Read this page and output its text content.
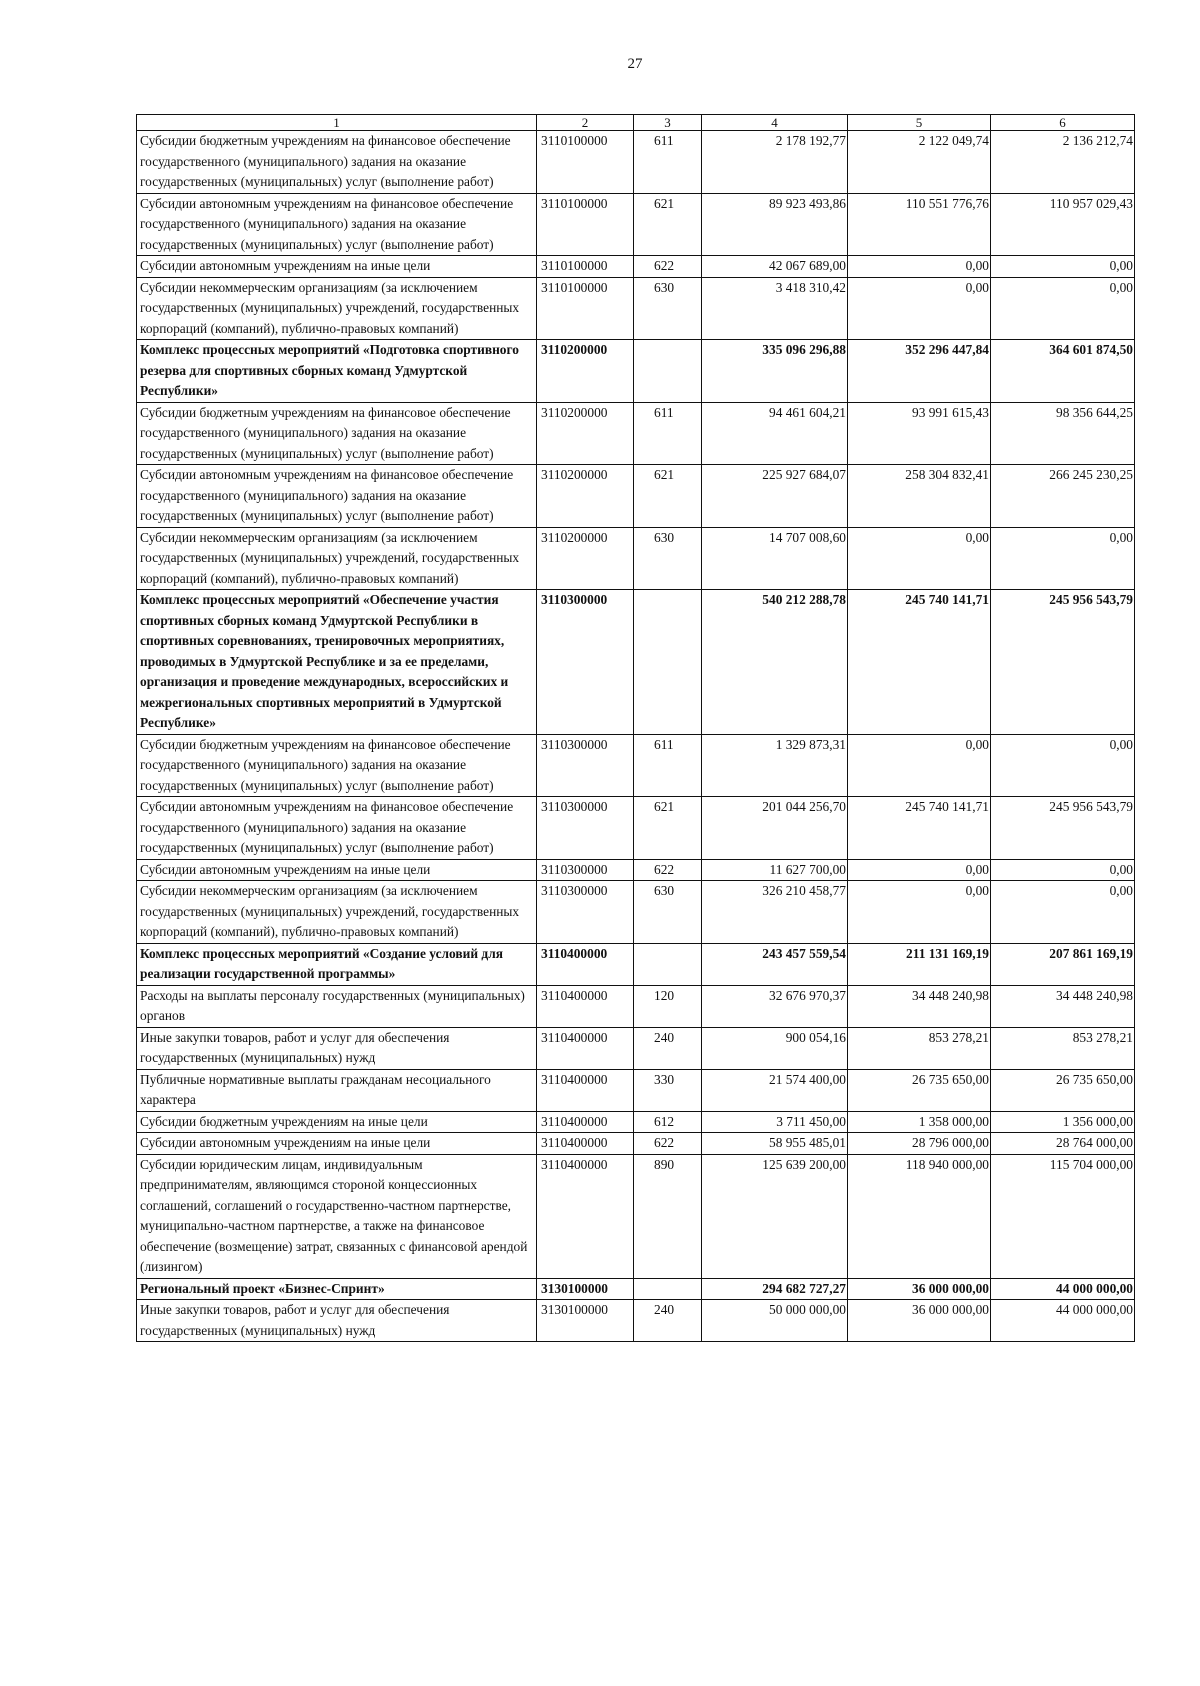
27
1	2	3	4	5	6
Субсидии бюджетным учреждениям на финансовое обеспечение государственного (муниципального) задания на оказание государственных (муниципальных) услуг (выполнение работ)	3110100000	611	2 178 192,77	2 122 049,74	2 136 212,74
Субсидии автономным учреждениям на финансовое обеспечение государственного (муниципального) задания на оказание государственных (муниципальных) услуг (выполнение работ)	3110100000	621	89 923 493,86	110 551 776,76	110 957 029,43
Субсидии автономным учреждениям на иные цели	3110100000	622	42 067 689,00	0,00	0,00
Субсидии некоммерческим организациям (за исключением государственных (муниципальных) учреждений, государственных корпораций (компаний), публично-правовых компаний)	3110100000	630	3 418 310,42	0,00	0,00
Комплекс процессных мероприятий «Подготовка спортивного резерва для спортивных сборных команд Удмуртской Республики»	3110200000		335 096 296,88	352 296 447,84	364 601 874,50
Субсидии бюджетным учреждениям на финансовое обеспечение государственного (муниципального) задания на оказание государственных (муниципальных) услуг (выполнение работ)	3110200000	611	94 461 604,21	93 991 615,43	98 356 644,25
Субсидии автономным учреждениям на финансовое обеспечение государственного (муниципального) задания на оказание государственных (муниципальных) услуг (выполнение работ)	3110200000	621	225 927 684,07	258 304 832,41	266 245 230,25
Субсидии некоммерческим организациям (за исключением государственных (муниципальных) учреждений, государственных корпораций (компаний), публично-правовых компаний)	3110200000	630	14 707 008,60	0,00	0,00
Комплекс процессных мероприятий «Обеспечение участия спортивных сборных команд Удмуртской Республики в спортивных соревнованиях, тренировочных мероприятиях, проводимых в Удмуртской Республике и за ее пределами, организация и проведение международных, всероссийских и межрегиональных спортивных мероприятий в Удмуртской Республике»	3110300000		540 212 288,78	245 740 141,71	245 956 543,79
Субсидии бюджетным учреждениям на финансовое обеспечение государственного (муниципального) задания на оказание государственных (муниципальных) услуг (выполнение работ)	3110300000	611	1 329 873,31	0,00	0,00
Субсидии автономным учреждениям на финансовое обеспечение государственного (муниципального) задания на оказание государственных (муниципальных) услуг (выполнение работ)	3110300000	621	201 044 256,70	245 740 141,71	245 956 543,79
Субсидии автономным учреждениям на иные цели	3110300000	622	11 627 700,00	0,00	0,00
Субсидии некоммерческим организациям (за исключением государственных (муниципальных) учреждений, государственных корпораций (компаний), публично-правовых компаний)	3110300000	630	326 210 458,77	0,00	0,00
Комплекс процессных мероприятий «Создание условий для реализации государственной программы»	3110400000		243 457 559,54	211 131 169,19	207 861 169,19
Расходы на выплаты персоналу государственных (муниципальных) органов	3110400000	120	32 676 970,37	34 448 240,98	34 448 240,98
Иные закупки товаров, работ и услуг для обеспечения государственных (муниципальных) нужд	3110400000	240	900 054,16	853 278,21	853 278,21
Публичные нормативные выплаты гражданам несоциального характера	3110400000	330	21 574 400,00	26 735 650,00	26 735 650,00
Субсидии бюджетным учреждениям на иные цели	3110400000	612	3 711 450,00	1 358 000,00	1 356 000,00
Субсидии автономным учреждениям на иные цели	3110400000	622	58 955 485,01	28 796 000,00	28 764 000,00
Субсидии юридическим лицам, индивидуальным предпринимателям, являющимся стороной концессионных соглашений, соглашений о государственно-частном партнерстве, муниципально-частном партнерстве, а также на финансовое обеспечение (возмещение) затрат, связанных с финансовой арендой (лизингом)	3110400000	890	125 639 200,00	118 940 000,00	115 704 000,00
Региональный проект «Бизнес-Спринт»	3130100000		294 682 727,27	36 000 000,00	44 000 000,00
Иные закупки товаров, работ и услуг для обеспечения государственных (муниципальных) нужд	3130100000	240	50 000 000,00	36 000 000,00	44 000 000,00
